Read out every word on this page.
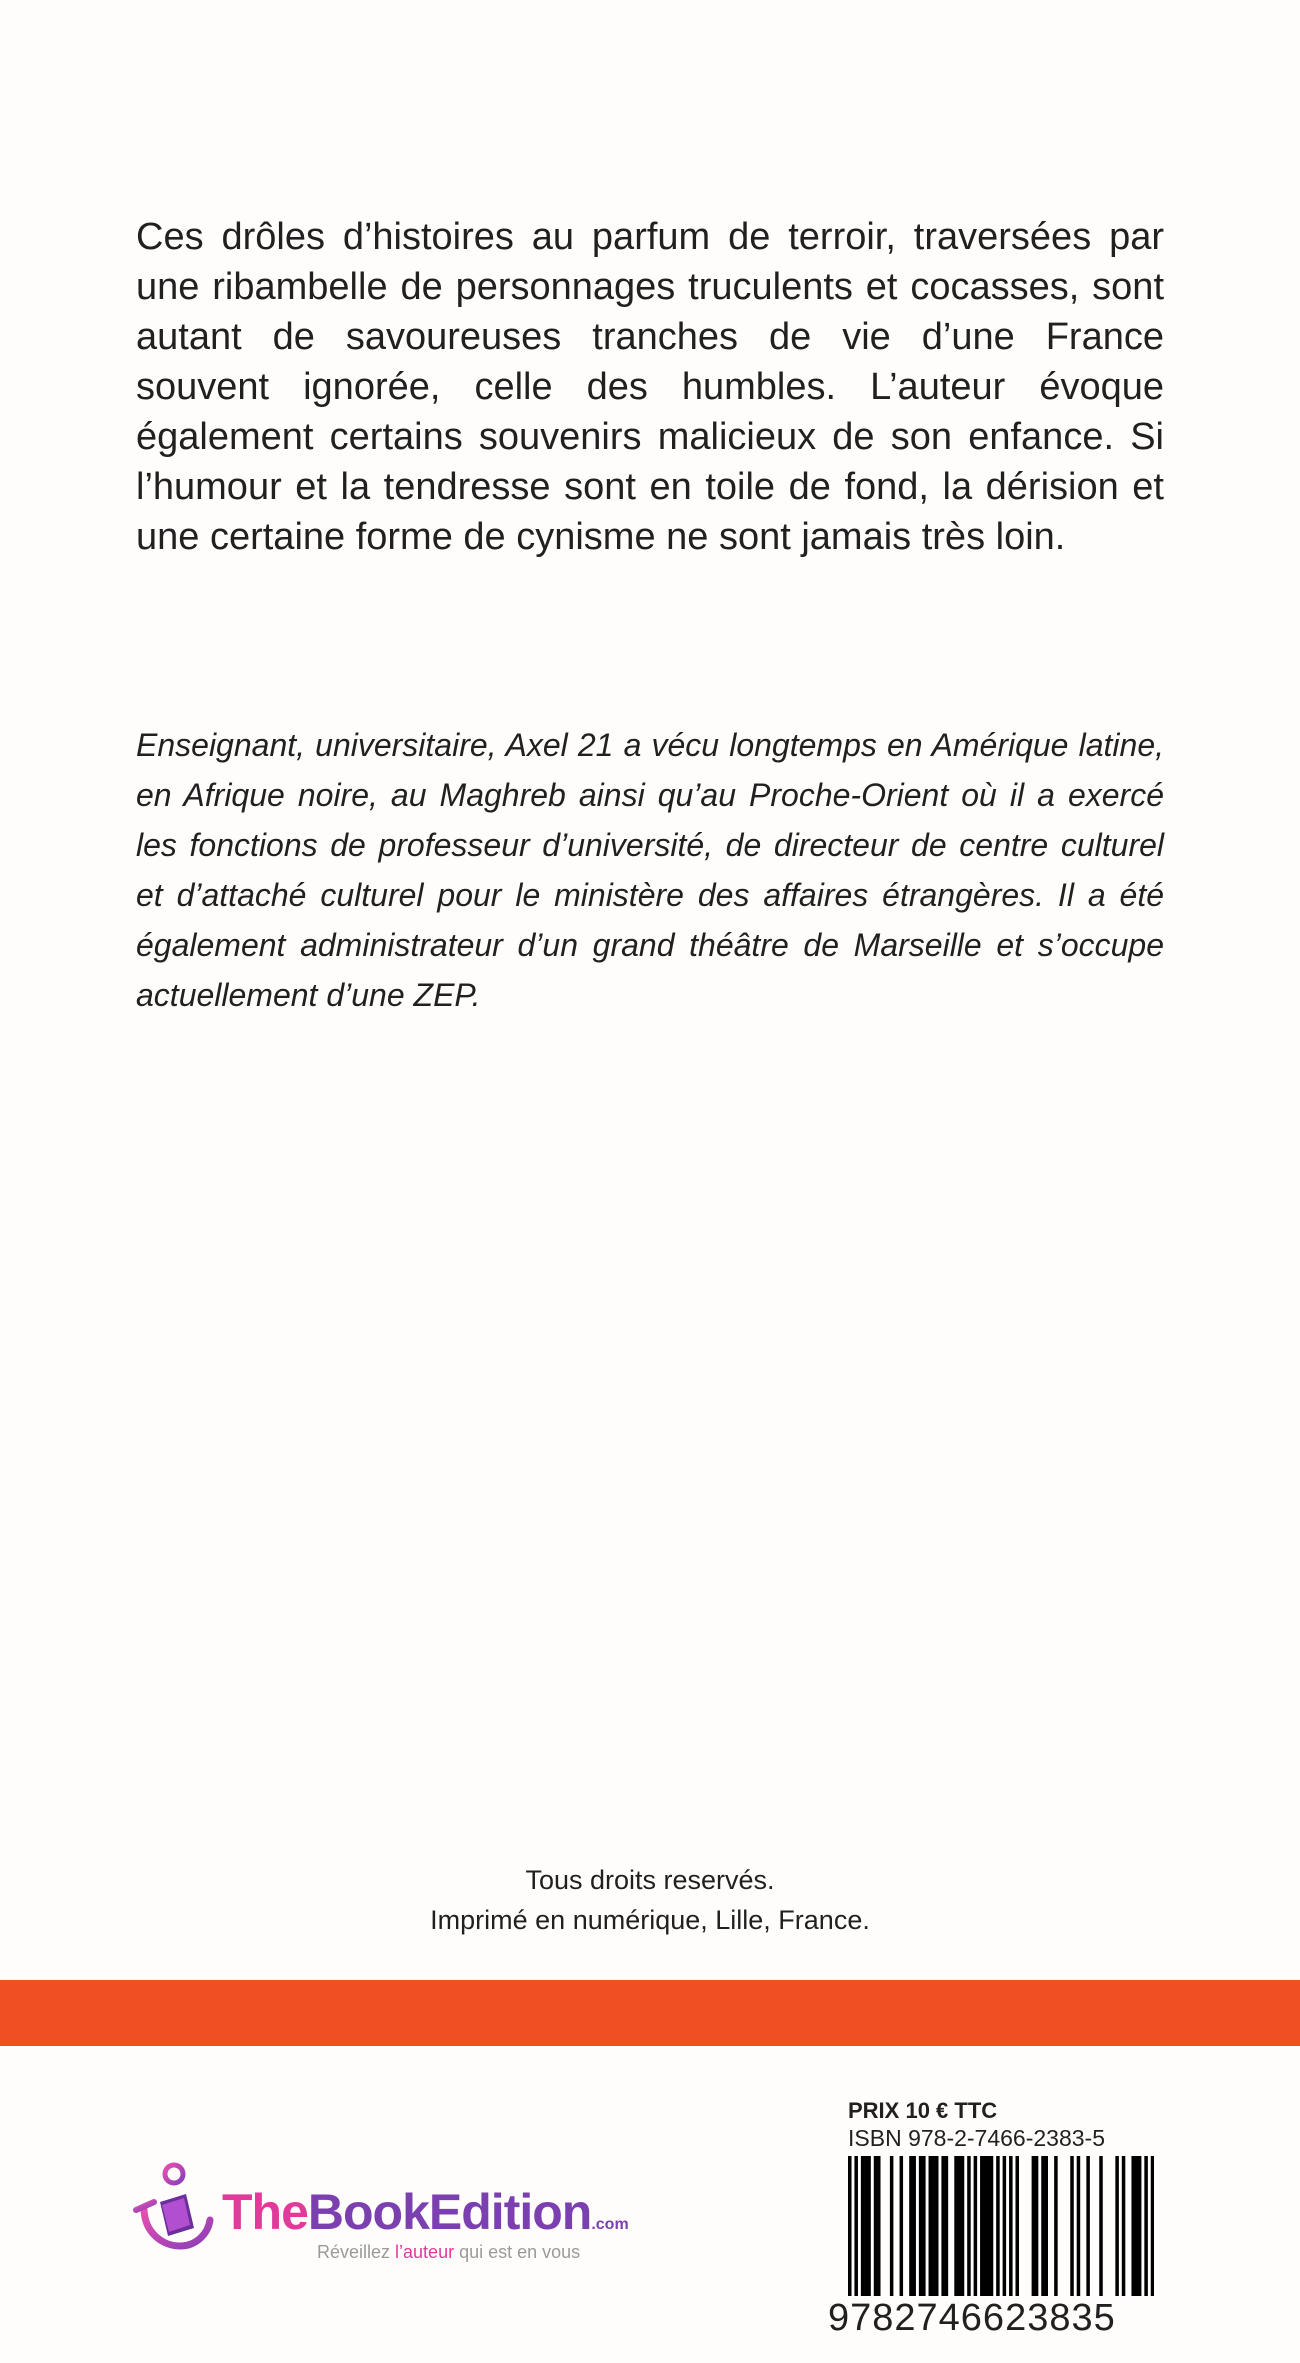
Ces drôles d’histoires au parfum de terroir, traversées par une ribambelle de personnages truculents et cocasses, sont autant de savoureuses tranches de vie d’une France souvent ignorée, celle des humbles. L’auteur évoque également certains souvenirs malicieux de son enfance. Si l’humour et la tendresse sont en toile de fond, la dérision et une certaine forme de cynisme ne sont jamais très loin.

Enseignant, universitaire, Axel 21 a vécu longtemps en Amérique latine, en Afrique noire, au Maghreb ainsi qu’au Proche-Orient où il a exercé les fonctions de professeur d’université, de directeur de centre culturel et d’attaché culturel pour le ministère des affaires étrangères. Il a été également administrateur d’un grand théâtre de Marseille et s’occupe actuellement d’une ZEP.

Tous droits reservés.
Imprimé en numérique, Lille, France.
TheBookEdition.com
Réveillez l’auteur qui est en vous
PRIX 10 € TTC
ISBN 978-2-7466-2383-5
9782746623835
